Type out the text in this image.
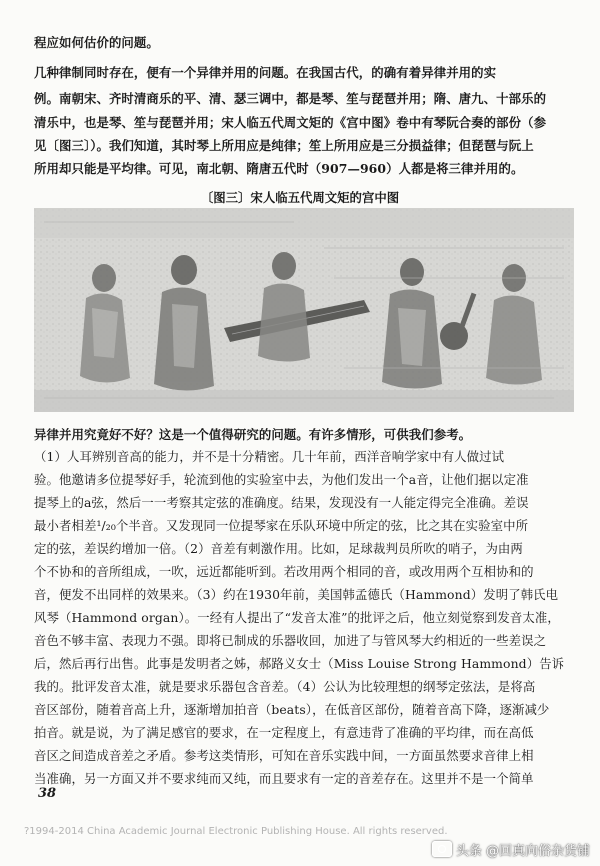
程应如何估价的问题。
几种律制同时存在，便有一个异律并用的问题。在我国古代，的确有着异律并用的实
例。南朝宋、齐时清商乐的平、清、瑟三调中，都是琴、笙与琵琶并用；隋、唐九、十部乐的
清乐中，也是琴、笙与琵琶并用；宋人临五代周文矩的《宫中图》卷中有琴阮合奏的部份（参
见〔图三〕）。我们知道，其时琴上所用应是纯律；笙上所用应是三分损益律；但琵琶与阮上
所用却只能是平均律。可见，南北朝、隋唐五代时（907—960）人都是将三律并用的。
〔图三〕宋人临五代周文矩的宫中图
异律并用究竟好不好？这是一个值得研究的问题。有许多情形，可供我们参考。
（1）人耳辨别音高的能力，并不是十分精密。几十年前，西洋音响学家中有人做过试
验。他邀请多位提琴好手，轮流到他的实验室中去，为他们发出一个a音，让他们据以定准
提琴上的a弦，然后一一考察其定弦的准确度。结果，发现没有一人能定得完全准确。差误
最小者相差¹/₂₀个半音。又发现同一位提琴家在乐队环境中所定的弦，比之其在实验室中所
定的弦，差误约增加一倍。（2）音差有刺激作用。比如，足球裁判员所吹的哨子，为由两
个不协和的音所组成，一吹，远近都能听到。若改用两个相同的音，或改用两个互相协和的
音，便发不出同样的效果来。（3）约在1930年前，美国韩孟德氏（Hammond）发明了韩氏电
风琴（Hammond organ）。一经有人提出了“发音太准”的批评之后，他立刻觉察到发音太准，
音色不够丰富、表现力不强。即将已制成的乐器收回，加进了与管风琴大约相近的一些差误之
后，然后再行出售。此事是发明者之姊，郝路义女士（Miss Louise Strong Hammond）告诉
我的。批评发音太准，就是要求乐器包含音差。（4）公认为比较理想的纲琴定弦法，是将高
音区部份，随着音高上升，逐渐增加拍音（beats），在低音区部份，随着音高下降，逐渐减少
拍音。就是说，为了满足感官的要求，在一定程度上，有意违背了准确的平均律，而在高低
音区之间造成音差之矛盾。参考这类情形，可知在音乐实践中间，一方面虽然要求音律上相
当准确，另一方面又并不要求纯而又纯，而且要求有一定的音差存在。这里并不是一个简单
38
?1994-2014 China Academic Journal Electronic Publishing House. All rights reserved.
头条 @回真向俗杂货铺
